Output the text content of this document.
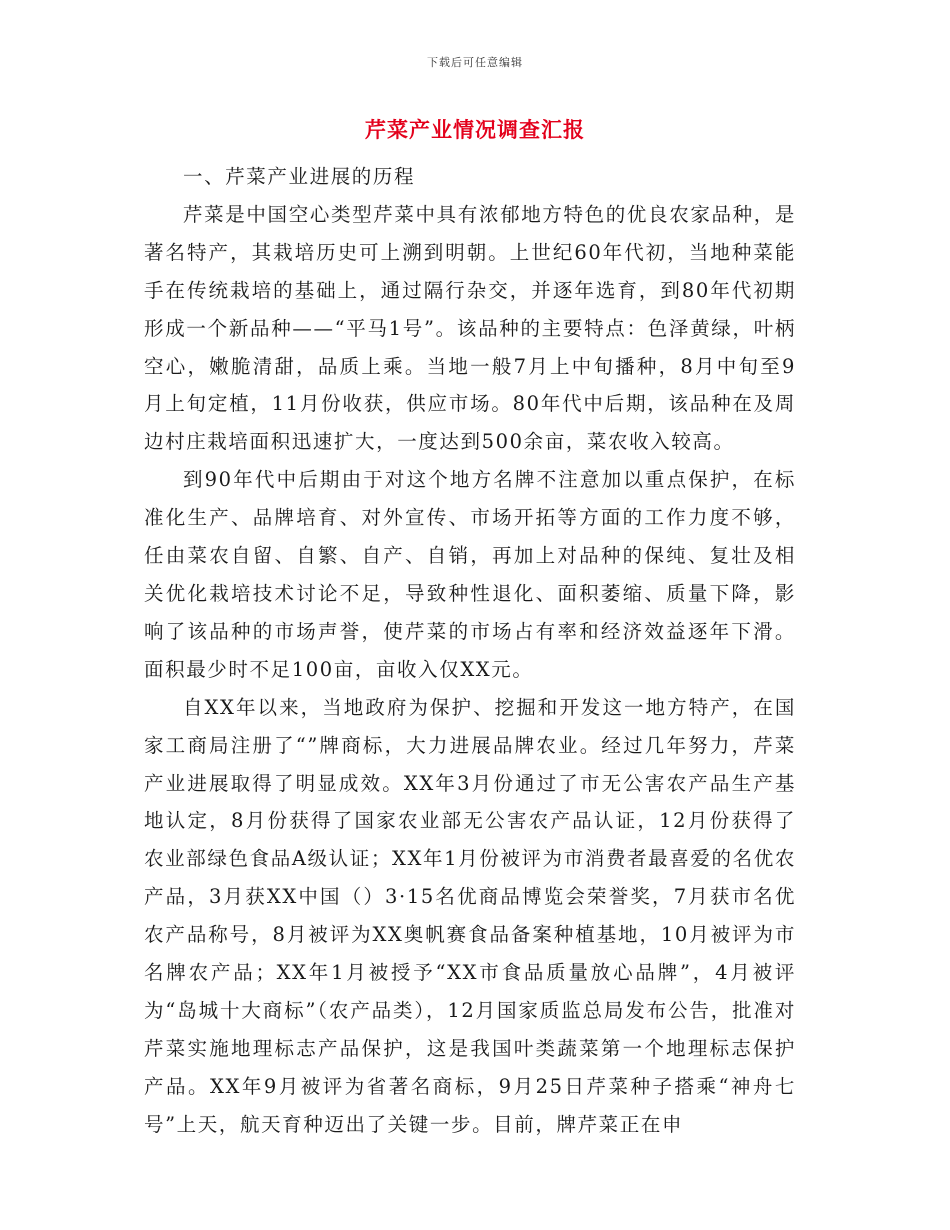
下载后可任意编辑
芹菜产业情况调查汇报

一、芹菜产业进展的历程

芹菜是中国空心类型芹菜中具有浓郁地方特色的优良农家品种，是著名特产，其栽培历史可上溯到明朝。上世纪60年代初，当地种菜能手在传统栽培的基础上，通过隔行杂交，并逐年选育，到80年代初期形成一个新品种——“平马1号”。该品种的主要特点：色泽黄绿，叶柄空心，嫩脆清甜，品质上乘。当地一般7月上中旬播种，8月中旬至9月上旬定植，11月份收获，供应市场。80年代中后期，该品种在及周边村庄栽培面积迅速扩大，一度达到500余亩，菜农收入较高。

到90年代中后期由于对这个地方名牌不注意加以重点保护，在标准化生产、品牌培育、对外宣传、市场开拓等方面的工作力度不够，任由菜农自留、自繁、自产、自销，再加上对品种的保纯、复壮及相关优化栽培技术讨论不足，导致种性退化、面积萎缩、质量下降，影响了该品种的市场声誉，使芹菜的市场占有率和经济效益逐年下滑。面积最少时不足100亩，亩收入仅XX元。

自XX年以来，当地政府为保护、挖掘和开发这一地方特产，在国家工商局注册了“”牌商标，大力进展品牌农业。经过几年努力，芹菜产业进展取得了明显成效。XX年3月份通过了市无公害农产品生产基地认定，8月份获得了国家农业部无公害农产品认证，12月份获得了农业部绿色食品A级认证；XX年1月份被评为市消费者最喜爱的名优农产品，3月获XX中国（）3·15名优商品博览会荣誉奖，7月获市名优农产品称号，8月被评为XX奥帆赛食品备案种植基地，10月被评为市名牌农产品；XX年1月被授予“XX市食品质量放心品牌”，4月被评为“岛城十大商标”（农产品类），12月国家质监总局发布公告，批准对芹菜实施地理标志产品保护，这是我国叶类蔬菜第一个地理标志保护产品。XX年9月被评为省著名商标，9月25日芹菜种子搭乘“神舟七号”上天，航天育种迈出了关键一步。目前，牌芹菜正在申
